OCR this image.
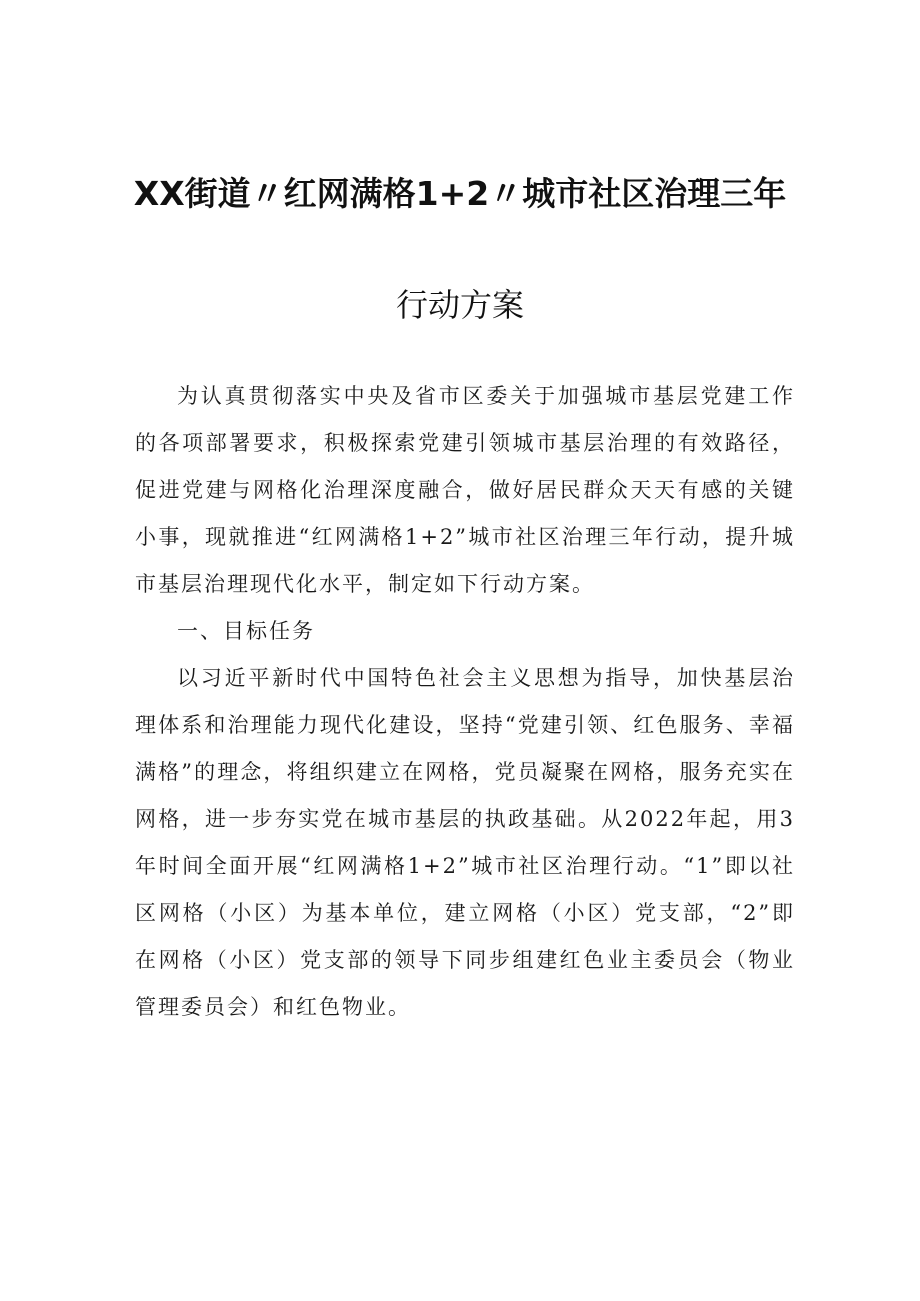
XX街道〃红网满格1+2〃城市社区治理三年
行动方案

为认真贯彻落实中央及省市区委关于加强城市基层党建工作的各项部署要求，积极探索党建引领城市基层治理的有效路径，促进党建与网格化治理深度融合，做好居民群众天天有感的关键小事，现就推进“红网满格1+2”城市社区治理三年行动，提升城市基层治理现代化水平，制定如下行动方案。

一、目标任务

以习近平新时代中国特色社会主义思想为指导，加快基层治理体系和治理能力现代化建设，坚持“党建引领、红色服务、幸福满格”的理念，将组织建立在网格，党员凝聚在网格，服务充实在网格，进一步夯实党在城市基层的执政基础。从2022年起，用3年时间全面开展“红网满格1+2”城市社区治理行动。“1”即以社区网格（小区）为基本单位，建立网格（小区）党支部，“2”即在网格（小区）党支部的领导下同步组建红色业主委员会（物业管理委员会）和红色物业。
